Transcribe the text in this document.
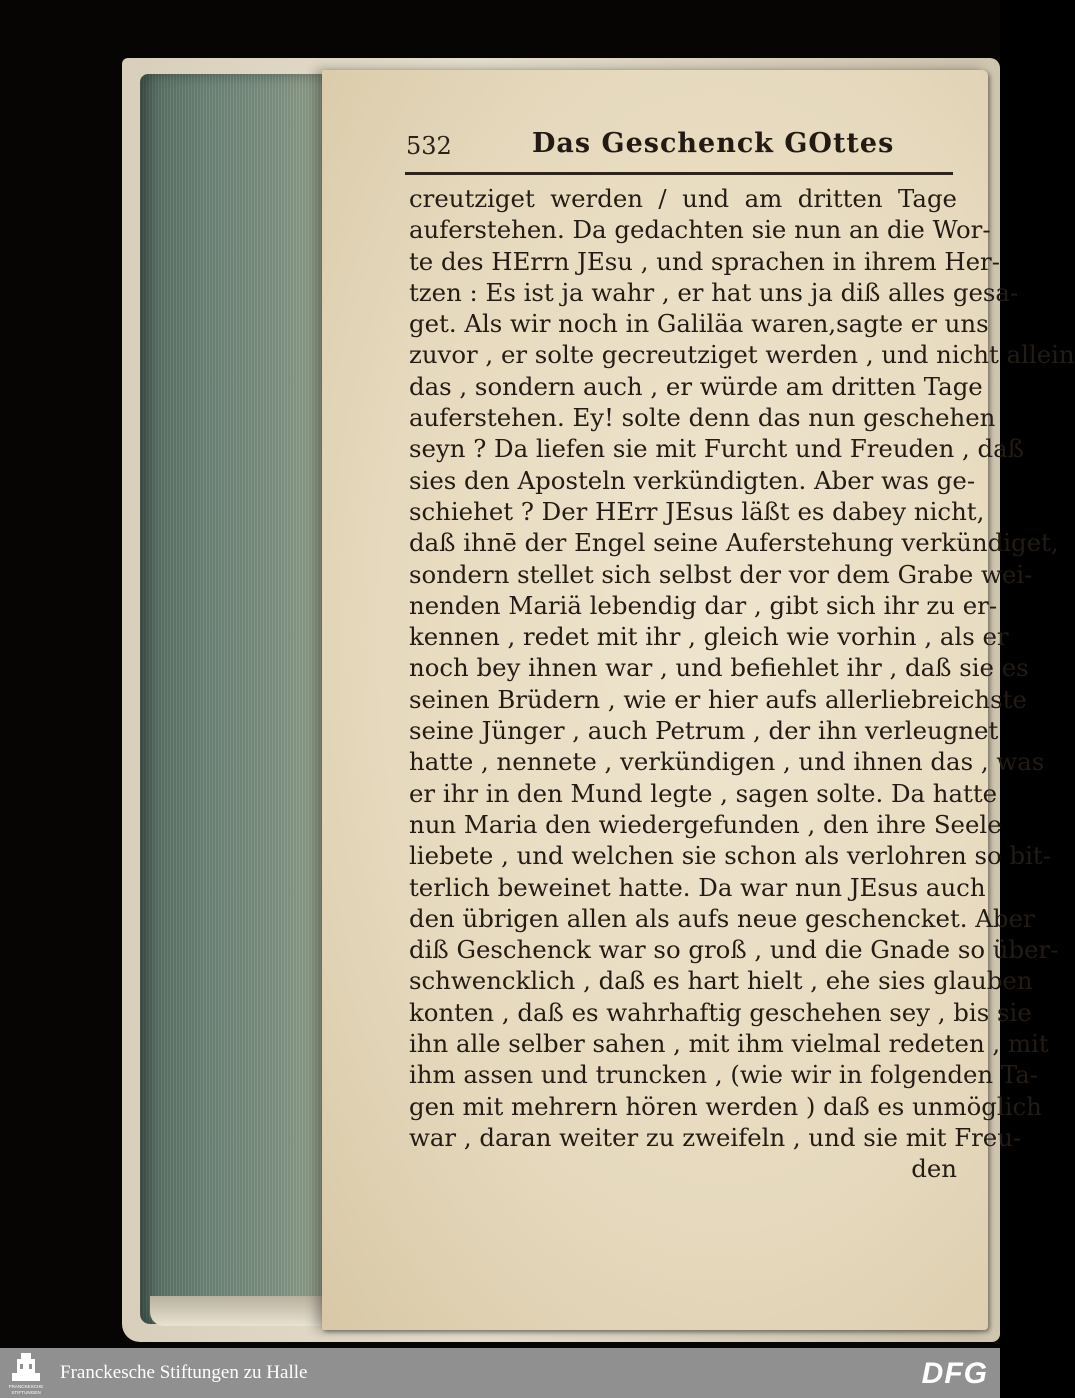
532	Das Geschenck GOttes
creutziget werden / und am dritten Tage
auferstehen. Da gedachten sie nun an die Wor-
te des HErrn JEsu , und sprachen in ihrem Her-
tzen : Es ist ja wahr , er hat uns ja diß alles gesa-
get. Als wir noch in Galiläa waren,sagte er uns
zuvor , er solte gecreutziget werden , und nicht allein
das , sondern auch , er würde am dritten Tage
auferstehen. Ey! solte denn das nun geschehen
seyn ? Da liefen sie mit Furcht und Freuden , daß
sies den Aposteln verkündigten. Aber was ge-
schiehet ? Der HErr JEsus läßt es dabey nicht,
daß ihnē der Engel seine Auferstehung verkündiget,
sondern stellet sich selbst der vor dem Grabe wei-
nenden Mariä lebendig dar , gibt sich ihr zu er-
kennen , redet mit ihr , gleich wie vorhin , als er
noch bey ihnen war , und befiehlet ihr , daß sie es
seinen Brüdern , wie er hier aufs allerliebreichste
seine Jünger , auch Petrum , der ihn verleugnet
hatte , nennete , verkündigen , und ihnen das , was
er ihr in den Mund legte , sagen solte. Da hatte
nun Maria den wiedergefunden , den ihre Seele
liebete , und welchen sie schon als verlohren so bit-
terlich beweinet hatte. Da war nun JEsus auch
den übrigen allen als aufs neue geschencket. Aber
diß Geschenck war so groß , und die Gnade so über-
schwencklich , daß es hart hielt , ehe sies glauben
konten , daß es wahrhaftig geschehen sey , bis sie
ihn alle selber sahen , mit ihm vielmal redeten , mit
ihm assen und truncken , (wie wir in folgenden Ta-
gen mit mehrern hören werden ) daß es unmöglich
war , daran weiter zu zweifeln , und sie mit Freu-
den
FRANCKESCHE
STIFTUNGEN
Franckesche Stiftungen zu Halle	DFG
